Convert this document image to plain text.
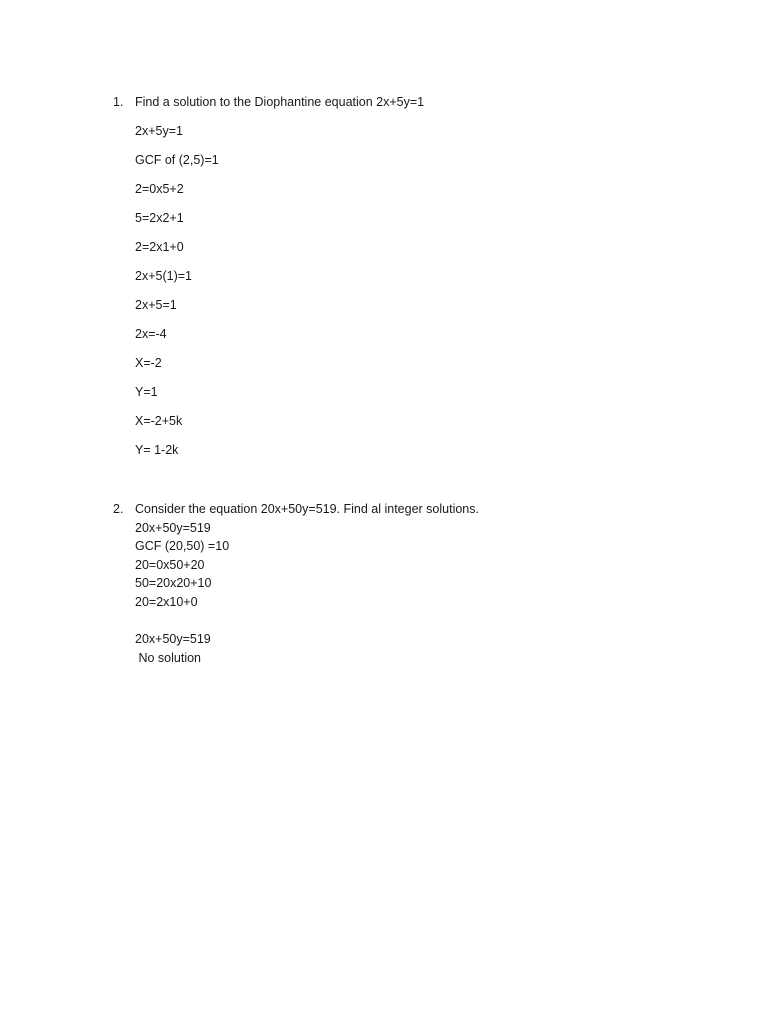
1. Find a solution to the Diophantine equation 2x+5y=1
2x+5y=1
GCF of (2,5)=1
2=0x5+2
5=2x2+1
2=2x1+0
2x+5(1)=1
2x+5=1
2x=-4
X=-2
Y=1
X=-2+5k
Y= 1-2k
2. Consider the equation 20x+50y=519. Find al integer solutions.
20x+50y=519
GCF (20,50) =10
20=0x50+20
50=20x20+10
20=2x10+0
20x+50y=519
No solution
